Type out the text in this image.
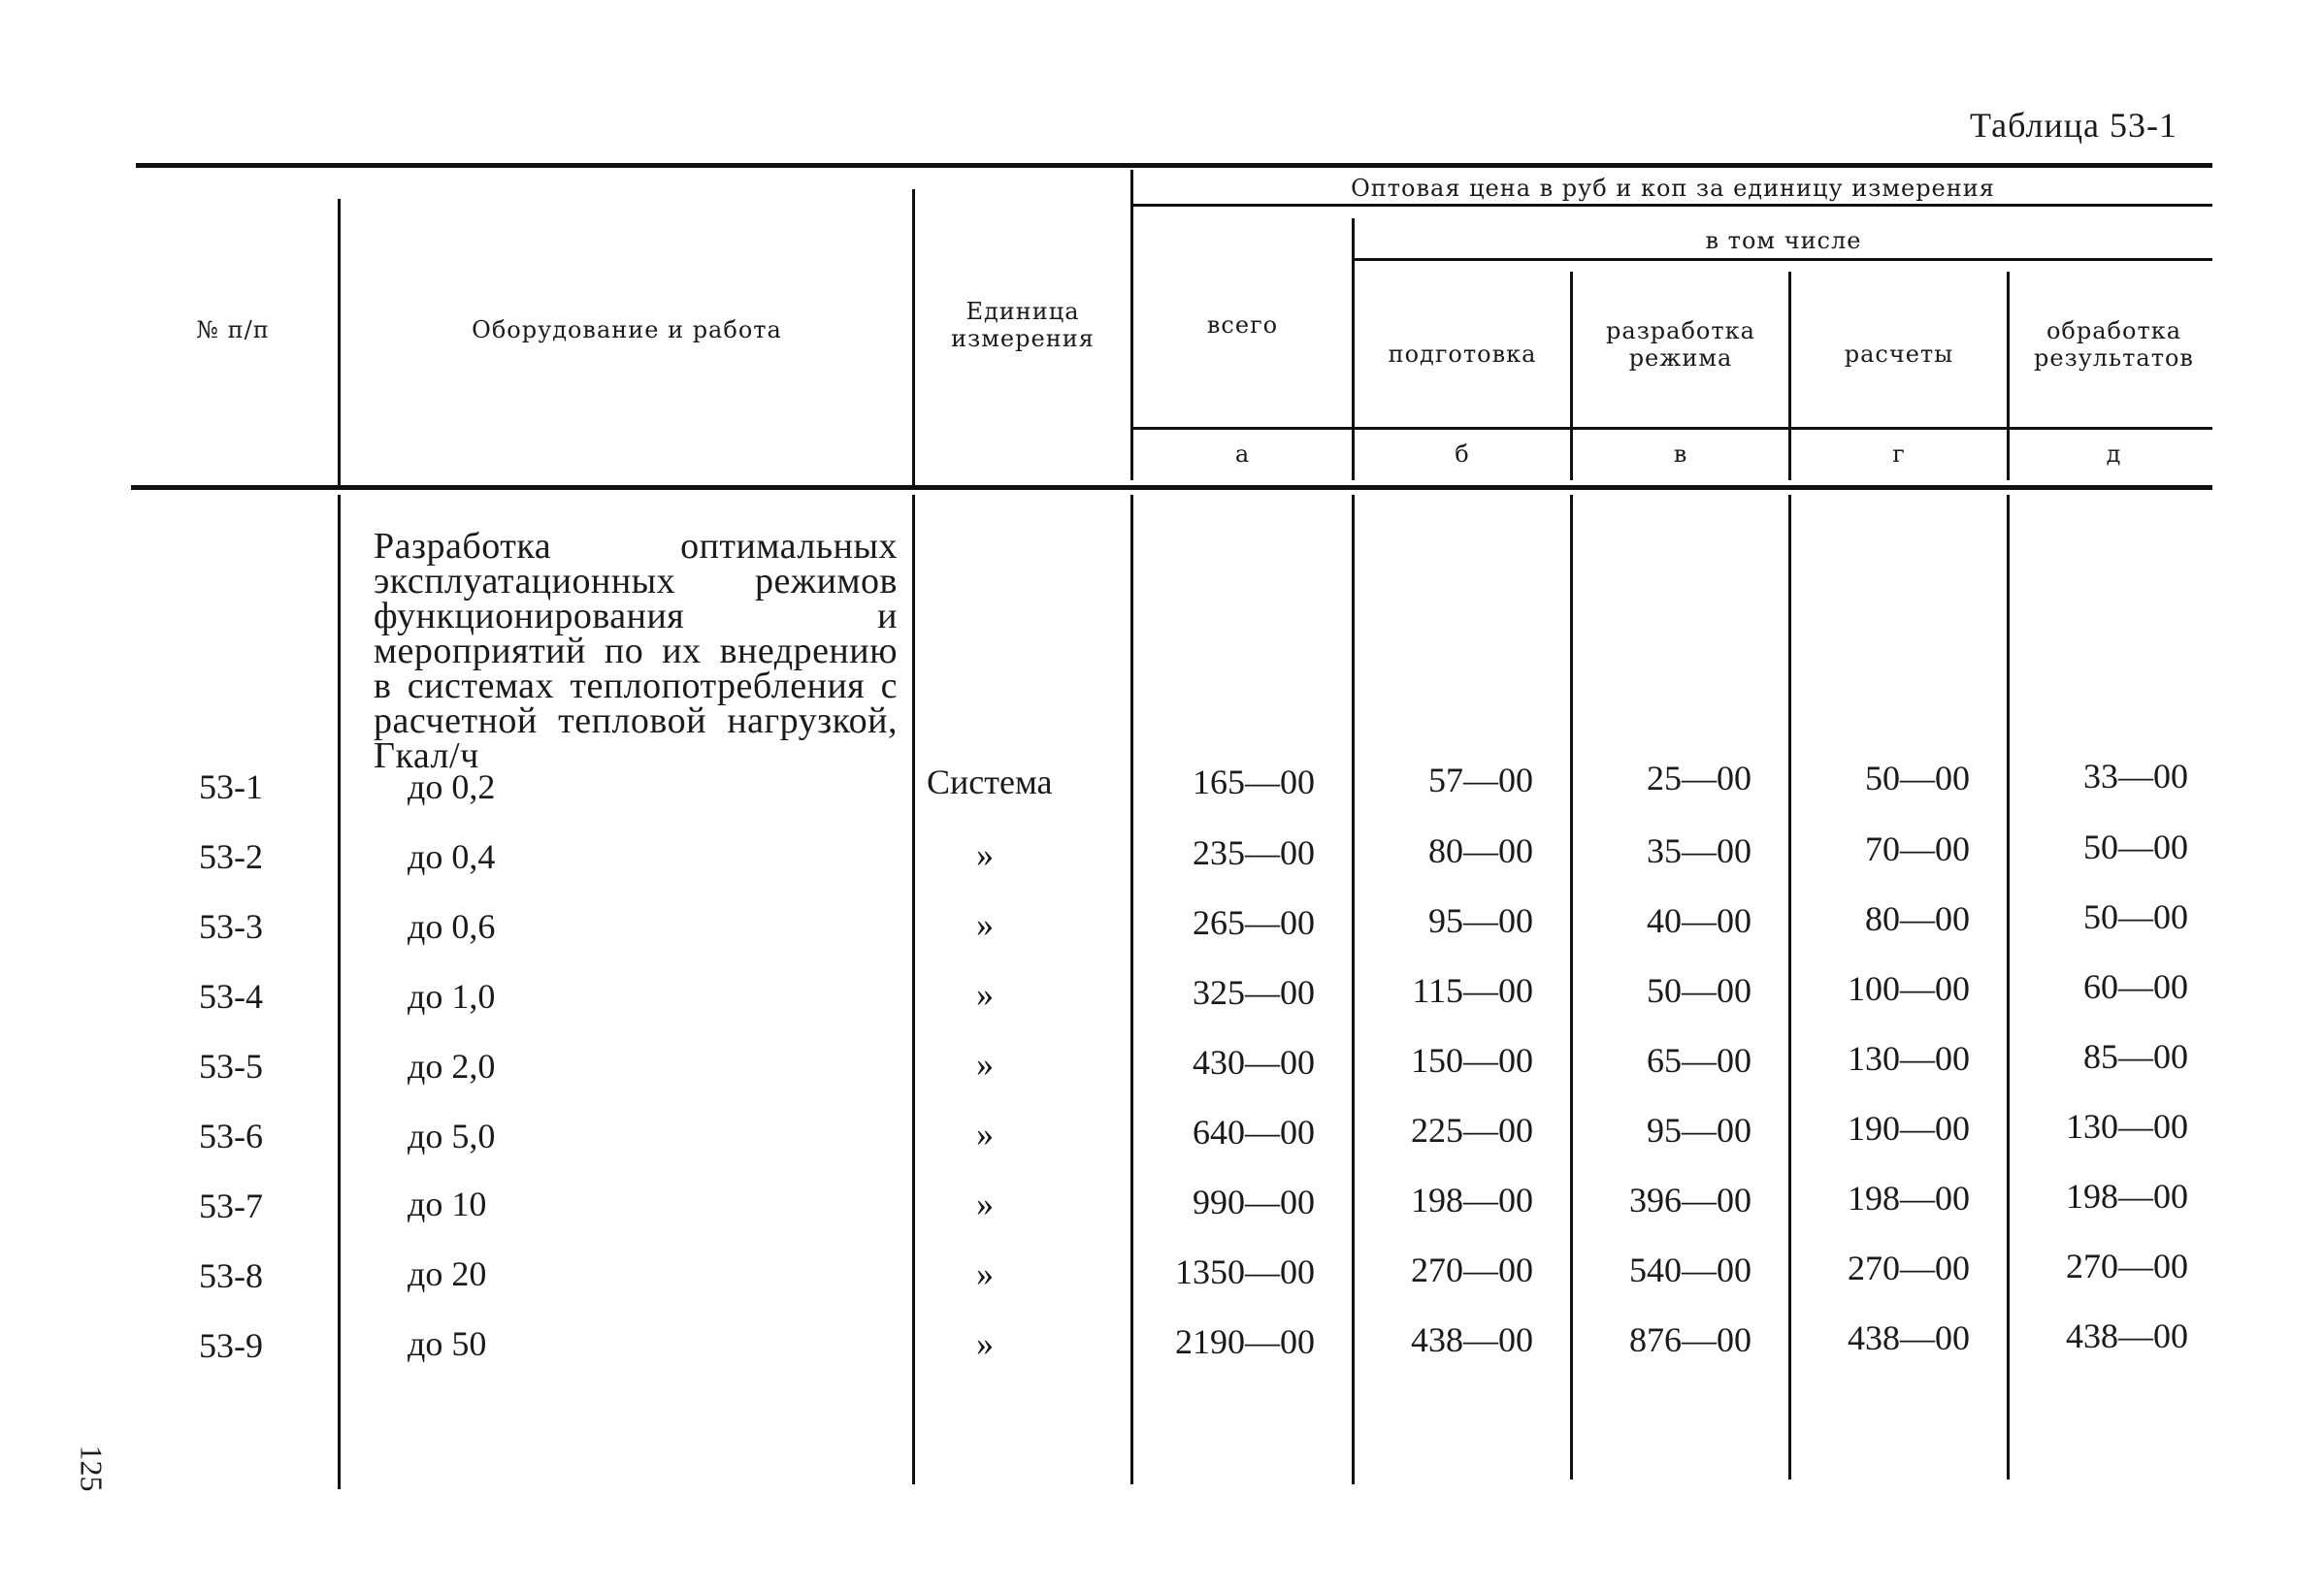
Таблица 53-1
№ п/п	Оборудование и работа
Единица измерения
Оптовая цена в руб и коп за единицу измерения
в том числе
всего
подготовка
разработка режима	расчеты
обработка результатов
а	б	в	г	д
Разработка оптимальных эксплуатационных режимов функционирования и мероприятий по их внедрению в системах теплопотребления с расчетной тепловой нагрузкой, Гкал/ч
53-1	до 0,2	Система	165—00	57—00	25—00	50—00	33—00
53-2	до 0,4	»	235—00	80—00	35—00	70—00	50—00
53-3	до 0,6	»	265—00	95—00	40—00	80—00	50—00
53-4	до 1,0	»	325—00	115—00	50—00	100—00	60—00
53-5	до 2,0	»	430—00	150—00	65—00	130—00	85—00
53-6	до 5,0	»	640—00	225—00	95—00	190—00	130—00
53-7	до 10	»	990—00	198—00	396—00	198—00	198—00
53-8	до 20	»	1350—00	270—00	540—00	270—00	270—00
53-9	до 50	»	2190—00	438—00	876—00	438—00	438—00
125
